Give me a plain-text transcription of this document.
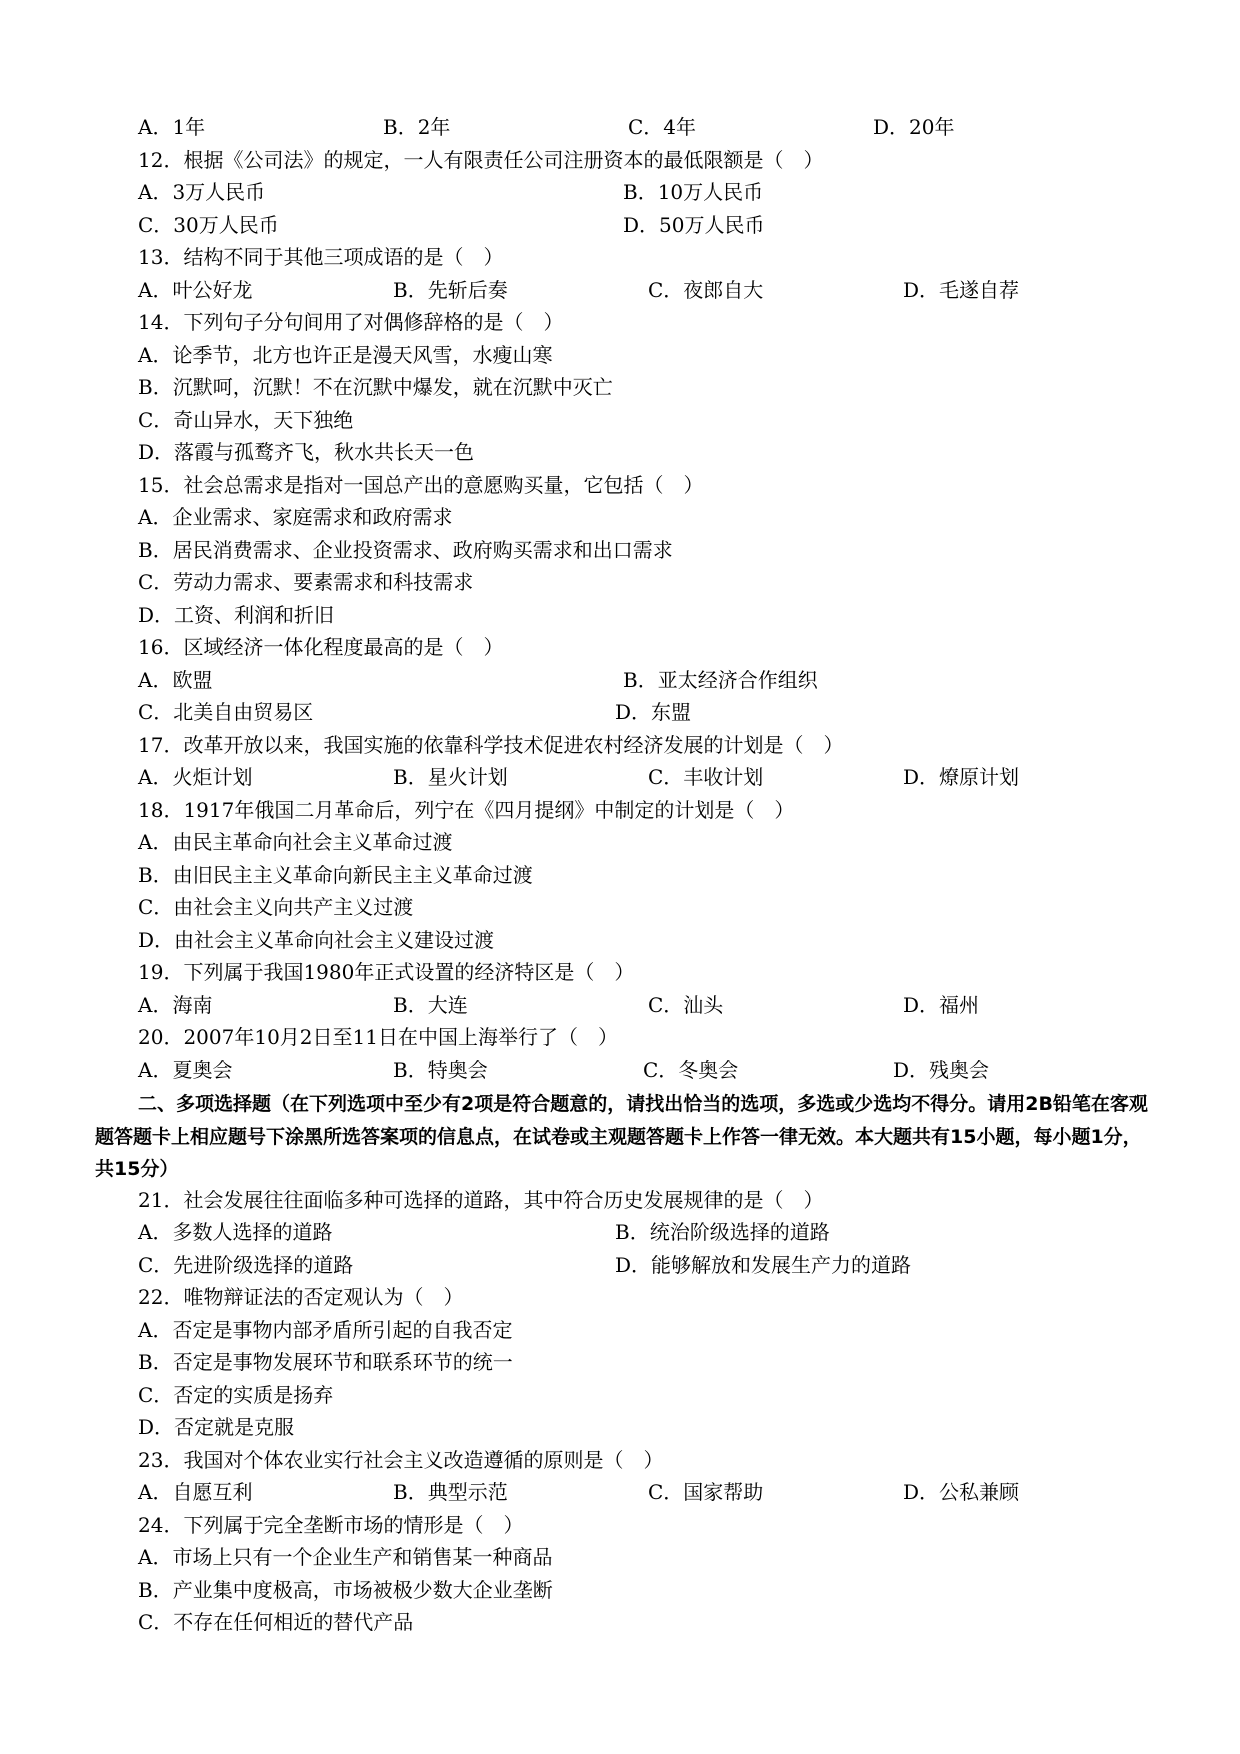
A．1年	B．2年	C．4年	D．20年
12．根据《公司法》的规定，一人有限责任公司注册资本的最低限额是（　）
A．3万人民币	B．10万人民币
C．30万人民币	D．50万人民币
13．结构不同于其他三项成语的是（　）
A．叶公好龙	B．先斩后奏	C．夜郎自大	D．毛遂自荐
14．下列句子分句间用了对偶修辞格的是（　）
A．论季节，北方也许正是漫天风雪，水瘦山寒
B．沉默呵，沉默！不在沉默中爆发，就在沉默中灭亡
C．奇山异水，天下独绝
D．落霞与孤鹜齐飞，秋水共长天一色
15．社会总需求是指对一国总产出的意愿购买量，它包括（　）
A．企业需求、家庭需求和政府需求
B．居民消费需求、企业投资需求、政府购买需求和出口需求
C．劳动力需求、要素需求和科技需求
D．工资、利润和折旧
16．区域经济一体化程度最高的是（　）
A．欧盟	B．亚太经济合作组织
C．北美自由贸易区	D．东盟
17．改革开放以来，我国实施的依靠科学技术促进农村经济发展的计划是（　）
A．火炬计划	B．星火计划	C．丰收计划	D．燎原计划
18．1917年俄国二月革命后，列宁在《四月提纲》中制定的计划是（　）
A．由民主革命向社会主义革命过渡
B．由旧民主主义革命向新民主主义革命过渡
C．由社会主义向共产主义过渡
D．由社会主义革命向社会主义建设过渡
19．下列属于我国1980年正式设置的经济特区是（　）
A．海南	B．大连	C．汕头	D．福州
20．2007年10月2日至11日在中国上海举行了（　）
A．夏奥会	B．特奥会	C．冬奥会	D．残奥会
二、多项选择题（在下列选项中至少有2项是符合题意的，请找出恰当的选项，多选或少选均不得分。请用2B铅笔在客观题答题卡上相应题号下涂黑所选答案项的信息点，在试卷或主观题答题卡上作答一律无效。本大题共有15小题，每小题1分，共15分）
21．社会发展往往面临多种可选择的道路，其中符合历史发展规律的是（　）
A．多数人选择的道路	B．统治阶级选择的道路
C．先进阶级选择的道路	D．能够解放和发展生产力的道路
22．唯物辩证法的否定观认为（　）
A．否定是事物内部矛盾所引起的自我否定
B．否定是事物发展环节和联系环节的统一
C．否定的实质是扬弃
D．否定就是克服
23．我国对个体农业实行社会主义改造遵循的原则是（　）
A．自愿互利	B．典型示范	C．国家帮助	D．公私兼顾
24．下列属于完全垄断市场的情形是（　）
A．市场上只有一个企业生产和销售某一种商品
B．产业集中度极高，市场被极少数大企业垄断
C．不存在任何相近的替代产品
